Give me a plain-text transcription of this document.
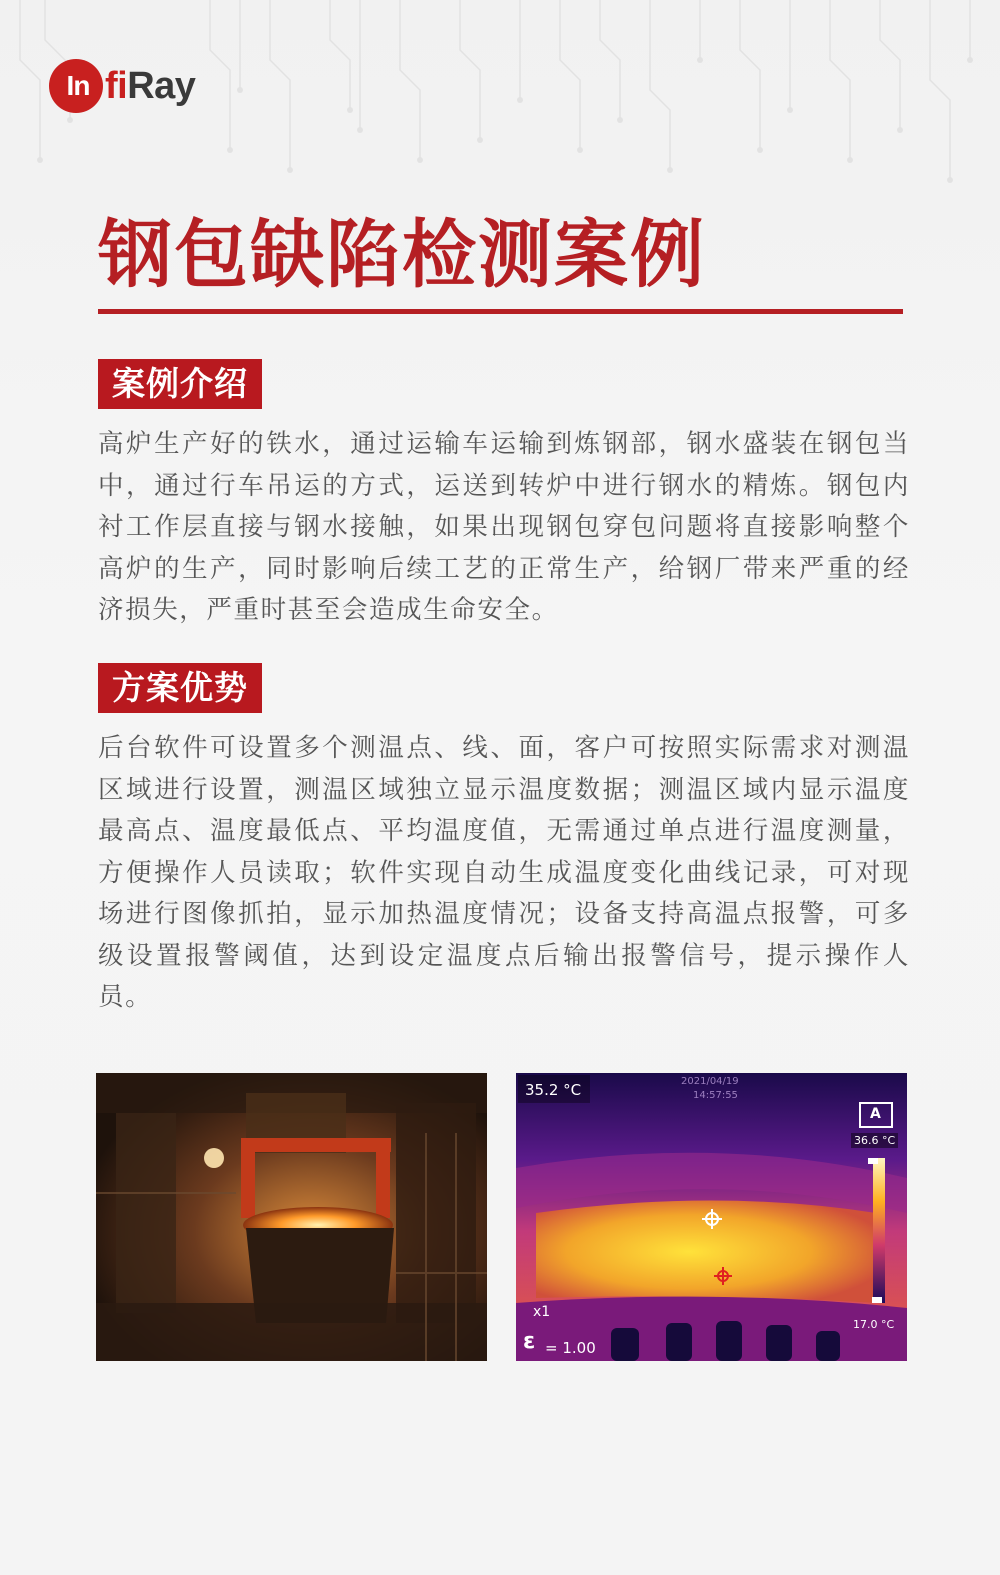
In fiRay
钢包缺陷检测案例
案例介绍

高炉生产好的铁水，通过运输车运输到炼钢部，钢水盛装在钢包当中，通过行车吊运的方式，运送到转炉中进行钢水的精炼。钢包内衬工作层直接与钢水接触，如果出现钢包穿包问题将直接影响整个高炉的生产，同时影响后续工艺的正常生产，给钢厂带来严重的经济损失，严重时甚至会造成生命安全。

方案优势

后台软件可设置多个测温点、线、面，客户可按照实际需求对测温区域进行设置，测温区域独立显示温度数据；测温区域内显示温度最高点、温度最低点、平均温度值，无需通过单点进行温度测量，方便操作人员读取；软件实现自动生成温度变化曲线记录，可对现场进行图像抓拍，显示加热温度情况；设备支持高温点报警，可多级设置报警阈值，达到设定温度点后输出报警信号，提示操作人员。

35.2 °C	2021/04/19
14:57:55
A
36.6 °C
17.0 °C
x1
ε = 1.00
